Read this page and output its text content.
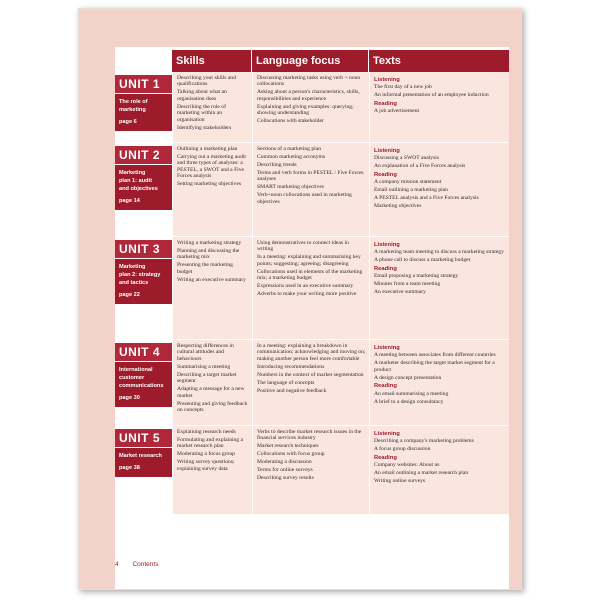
Skills	Language focus	Texts
UNIT 1
The role of
marketing
page 6
Describing your skills and qualifications
Talking about what an organisation does
Describing the role of marketing within an organisation
Identifying stakeholders
Discussing marketing tasks using verb + noun collocations
Asking about a person's characteristics, skills, responsibilities and experience
Explaining and giving examples: querying; showing understanding
Collocations with stakeholder
Listening
The first day of a new job
An informal presentation of an employee induction
Reading
A job advertisement
UNIT 2
Marketing
plan 1: audit
and objectives
page 14
Outlining a marketing plan
Carrying out a marketing audit and three types of analyses: a PESTEL, a SWOT and a Five Forces analysis
Setting marketing objectives
Sections of a marketing plan
Common marketing acronyms
Describing trends
Terms and verb forms in PESTEL / Five Forces analyses
SMART marketing objectives
Verb+noun collocations used in marketing objectives
Listening
Discussing a SWOT analysis
An explanation of a Five Forces analysis
Reading
A company mission statement
Email outlining a marketing plan
A PESTEL analysis and a Five Forces analysis
Marketing objectives
UNIT 3
Marketing
plan 2: strategy
and tactics
page 22
Writing a marketing strategy
Planning and discussing the marketing mix
Presenting the marketing budget
Writing an executive summary
Using demonstratives to connect ideas in writing
In a meeting: explaining and summarising key points; suggesting; agreeing; disagreeing
Collocations used in elements of the marketing mix; a marketing budget
Expressions used in an executive summary
Adverbs to make your writing more positive
Listening
A marketing team meeting to discuss a marketing strategy
A phone call to discuss a marketing budget
Reading
Email proposing a marketing strategy
Minutes from a team meeting
An executive summary
UNIT 4
International
customer
communications
page 30
Respecting differences in cultural attitudes and behaviours
Summarising a meeting
Describing a target market segment
Adapting a message for a new market
Presenting and giving feedback on concepts
In a meeting: explaining a breakdown in communication; acknowledging and moving on; making another person feel more comfortable
Introducing recommendations
Numbers in the context of market segmentation
The language of concepts
Positive and negative feedback
Listening
A meeting between associates from different countries
A marketer describing the target market segment for a product
A design concept presentation
Reading
An email summarising a meeting
A brief to a design consultancy
UNIT 5
Market research
page 38
Explaining research needs
Formulating and explaining a market research plan
Moderating a focus group
Writing survey questions; explaining survey data
Verbs to describe market research issues in the financial services industry
Market research techniques
Collocations with focus group
Moderating a discussion
Terms for online surveys
Describing survey results
Listening
Describing a company's marketing problems
A focus group discussion
Reading
Company websites: About us
An email outlining a market research plan
Writing online surveys
4 Contents
